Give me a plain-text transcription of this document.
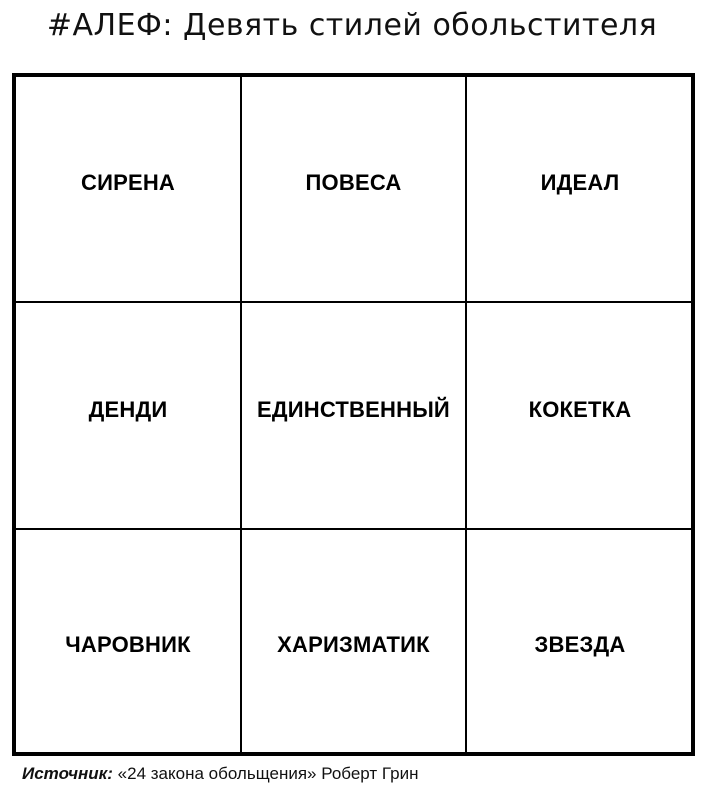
#АЛЕФ: Девять стилей обольстителя
СИРЕНА	ПОВЕСА	ИДЕАЛ
ДЕНДИ	ЕДИНСТВЕННЫЙ	КОКЕТКА
ЧАРОВНИК	ХАРИЗМАТИК	ЗВЕЗДА
Источник: «24 закона обольщения» Роберт Грин
